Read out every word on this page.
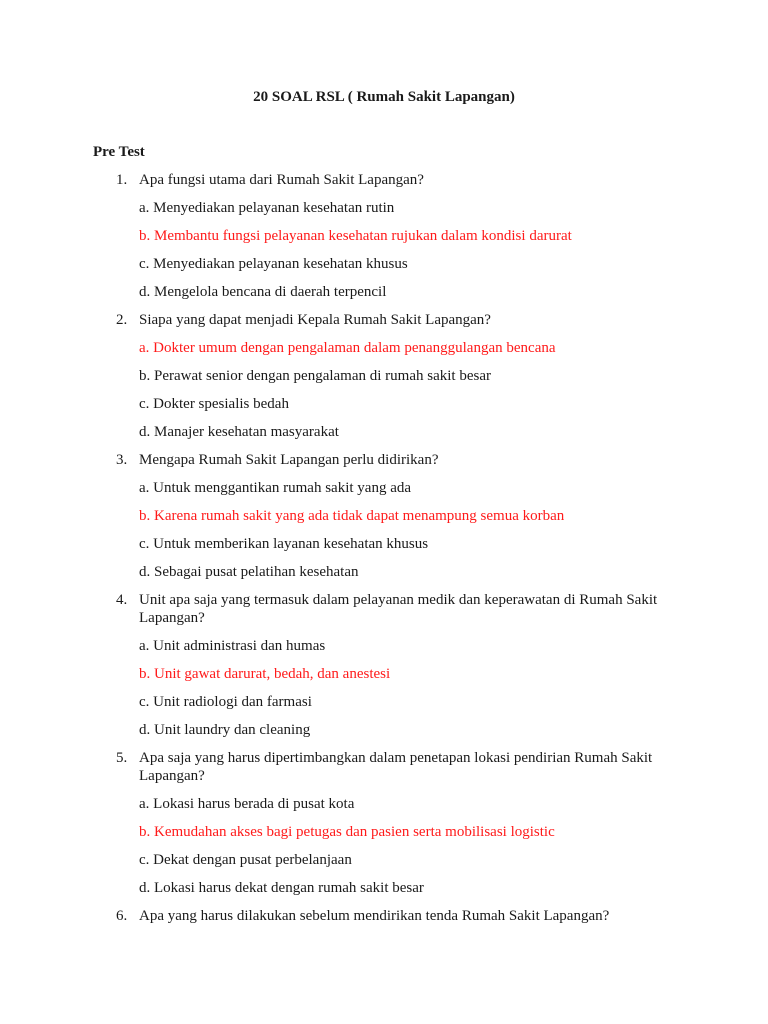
20 SOAL RSL ( Rumah Sakit Lapangan)
Pre Test
1. Apa fungsi utama dari Rumah Sakit Lapangan?
a. Menyediakan pelayanan kesehatan rutin
b. Membantu fungsi pelayanan kesehatan rujukan dalam kondisi darurat
c. Menyediakan pelayanan kesehatan khusus
d. Mengelola bencana di daerah terpencil
2. Siapa yang dapat menjadi Kepala Rumah Sakit Lapangan?
a. Dokter umum dengan pengalaman dalam penanggulangan bencana
b. Perawat senior dengan pengalaman di rumah sakit besar
c. Dokter spesialis bedah
d. Manajer kesehatan masyarakat
3. Mengapa Rumah Sakit Lapangan perlu didirikan?
a. Untuk menggantikan rumah sakit yang ada
b. Karena rumah sakit yang ada tidak dapat menampung semua korban
c. Untuk memberikan layanan kesehatan khusus
d. Sebagai pusat pelatihan kesehatan
4. Unit apa saja yang termasuk dalam pelayanan medik dan keperawatan di Rumah Sakit Lapangan?
a. Unit administrasi dan humas
b. Unit gawat darurat, bedah, dan anestesi
c. Unit radiologi dan farmasi
d. Unit laundry dan cleaning
5. Apa saja yang harus dipertimbangkan dalam penetapan lokasi pendirian Rumah Sakit Lapangan?
a. Lokasi harus berada di pusat kota
b. Kemudahan akses bagi petugas dan pasien serta mobilisasi logistic
c. Dekat dengan pusat perbelanjaan
d. Lokasi harus dekat dengan rumah sakit besar
6. Apa yang harus dilakukan sebelum mendirikan tenda Rumah Sakit Lapangan?
